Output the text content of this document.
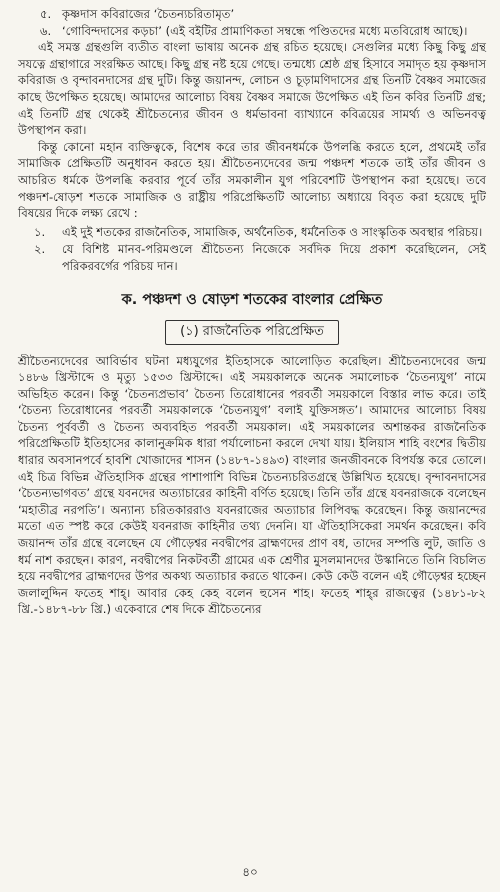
৫. কৃষ্ণদাস কবিরাজের ‘চৈতন্যচরিতামৃত’
৬. ‘গোবিন্দদাসের কড়চা’ (এই বইটির প্রামাণিকতা সম্বন্ধে পণ্ডিতদের মধ্যে মতবিরোধ আছে)।

এই সমস্ত গ্রন্থগুলি ব্যতীত বাংলা ভাষায় অনেক গ্রন্থ রচিত হয়েছে। সেগুলির মধ্যে কিছু কিছু গ্রন্থ সযত্নে গ্রন্থাগারে সংরক্ষিত আছে। কিছু গ্রন্থ নষ্ট হয়ে গেছে। তন্মধ্যে শ্রেষ্ঠ গ্রন্থ হিসাবে সমাদৃত হয় কৃষ্ণদাস কবিরাজ ও বৃন্দাবনদাসের গ্রন্থ দুটি। কিন্তু জয়ানন্দ, লোচন ও চূড়ামণিদাসের গ্রন্থ তিনটি বৈষ্ণব সমাজের কাছে উপেক্ষিত হয়েছে। আমাদের আলোচ্য বিষয় বৈষ্ণব সমাজে উপেক্ষিত এই তিন কবির তিনটি গ্রন্থ; এই তিনটি গ্রন্থ থেকেই শ্রীচৈতন্যের জীবন ও ধর্মভাবনা ব্যাখ্যানে কবিত্রয়ের সামর্থ্য ও অভিনবত্ব উপস্থাপন করা।

কিন্তু কোনো মহান ব্যক্তিত্বকে, বিশেষ করে তার জীবনধর্মকে উপলব্ধি করতে হলে, প্রথমেই তাঁর সামাজিক প্রেক্ষিতটি অনুধাবন করতে হয়। শ্রীচৈতন্যদেবের জন্ম পঞ্চদশ শতকে তাই তাঁর জীবন ও আচরিত ধর্মকে উপলব্ধি করবার পূর্বে তাঁর সমকালীন যুগ পরিবেশটি উপস্থাপন করা হয়েছে। তবে পঞ্চদশ-ষোড়শ শতকে সামাজিক ও রাষ্ট্রীয় পরিপ্রেক্ষিতটি আলোচ্য অধ্যায়ে বিবৃত করা হয়েছে দুটি বিষয়ের দিকে লক্ষ্য রেখে :

১.	এই দুই শতকের রাজনৈতিক, সামাজিক, অর্থনৈতিক, ধর্মনৈতিক ও সাংস্কৃতিক অবস্থার পরিচয়।
২.	যে বিশিষ্ট মানব-পরিমণ্ডলে শ্রীচৈতন্য নিজেকে সর্বদিক দিয়ে প্রকাশ করেছিলেন, সেই পরিকরবর্গের পরিচয় দান।
ক. পঞ্চদশ ও ষোড়শ শতকের বাংলার প্রেক্ষিত
(১) রাজনৈতিক পরিপ্রেক্ষিত

শ্রীচৈতন্যদেবের আবির্ভাব ঘটনা মধ্যযুগের ইতিহাসকে আলোড়িত করেছিল। শ্রীচৈতন্যদেবের জন্ম ১৪৮৬ খ্রিস্টাব্দে ও মৃত্যু ১৫৩৩ খ্রিস্টাব্দে। এই সময়কালকে অনেক সমালোচক ‘চৈতন্যযুগ’ নামে অভিহিত করেন। কিন্তু ‘চৈতন্যপ্রভাব’ চৈতন্য তিরোধানের পরবর্তী সময়কালে বিস্তার লাভ করে। তাই ‘চৈতন্য তিরোধানের পরবর্তী সময়কালকে ‘চৈতন্যযুগ’ বলাই যুক্তিসঙ্গত’। আমাদের আলোচ্য বিষয় চৈতন্য পূর্ববর্তী ও চৈতন্য অব্যবহিত পরবর্তী সময়কাল। এই সময়কালের অশান্তকর রাজনৈতিক পরিপ্রেক্ষিতটি ইতিহাসের কালানুক্রমিক ধারা পর্যালোচনা করলে দেখা যায়। ইলিয়াস শাহি বংশের দ্বিতীয় ধারার অবসানপর্বে হাবশি খোজাদের শাসন (১৪৮৭-১৪৯৩) বাংলার জনজীবনকে বিপর্যস্ত করে তোলে। এই চিত্র বিভিন্ন ঐতিহাসিক গ্রন্থের পাশাপাশি বিভিন্ন চৈতন্যচরিতগ্রন্থে উল্লিখিত হয়েছে। বৃন্দাবনদাসের ‘চৈতন্যভাগবত’ গ্রন্থে যবনদের অত্যাচারের কাহিনী বর্ণিত হয়েছে। তিনি তাঁর গ্রন্থে যবনরাজকে বলেছেন ‘মহাতীব্র নরপতি’। অন্যান্য চরিতকাররাও যবনরাজের অত্যাচার লিপিবদ্ধ করেছেন। কিন্তু জয়ানন্দের মতো এত স্পষ্ট করে কেউই যবনরাজ কাহিনীর তথ্য দেননি। যা ঐতিহাসিকেরা সমর্থন করেছেন। কবি জয়ানন্দ তাঁর গ্রন্থে বলেছেন যে গৌড়েশ্বর নবদ্বীপের ব্রাহ্মণদের প্রাণ বধ, তাদের সম্পত্তি লুট, জাতি ও ধর্ম নাশ করছেন। কারণ, নবদ্বীপের নিকটবর্তী গ্রামের এক শ্রেণীর মুসলমানদের উস্কানিতে তিনি বিচলিত হয়ে নবদ্বীপের ব্রাহ্মণদের উপর অকথ্য অত্যাচার করতে থাকেন। কেউ কেউ বলেন এই গৌড়েশ্বর হচ্ছেন জলালুদ্দিন ফতেহ শাহ্। আবার কেহ কেহ বলেন হুসেন শাহ। ফতেহ শাহ্‌র রাজত্বের (১৪৮১-৮২ খ্রি.-১৪৮৭-৮৮ খ্রি.) একেবারে শেষ দিকে শ্রীচৈতন্যের

৪০
